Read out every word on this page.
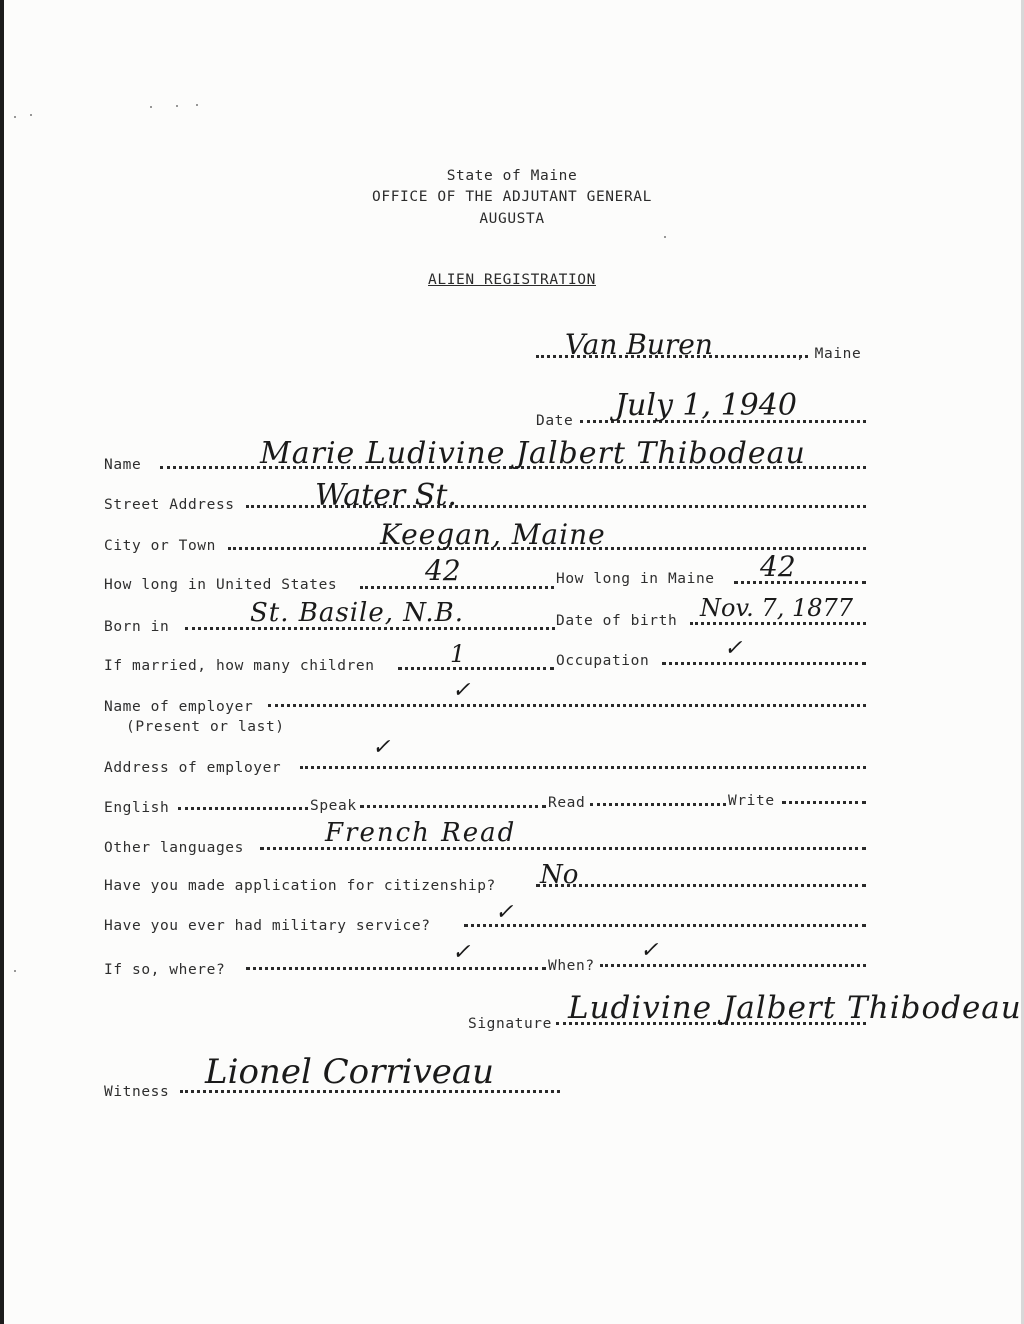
State of Maine
OFFICE OF THE ADJUTANT GENERAL
AUGUSTA
ALIEN REGISTRATION
Van Buren	, Maine
Date July 1, 1940
Name	Marie Ludivine Jalbert Thibodeau
Street Address	Water St.
City or Town	Keegan, Maine
How long in United States	42	How long in Maine 42
Born in	St. Basile, N.B.	Date of birth Nov. 7, 1877
If married, how many children	1	Occupation	✓
Name of employer
(Present or last)
✓
Address of employer
✓
English	Speak	Read	Write
Other languages	French Read
Have you made application for citizenship? No
Have you ever had military service?
✓
If so, where?
✓
When?
✓
Signature Ludivine Jalbert Thibodeau
Witness Lionel Corriveau
